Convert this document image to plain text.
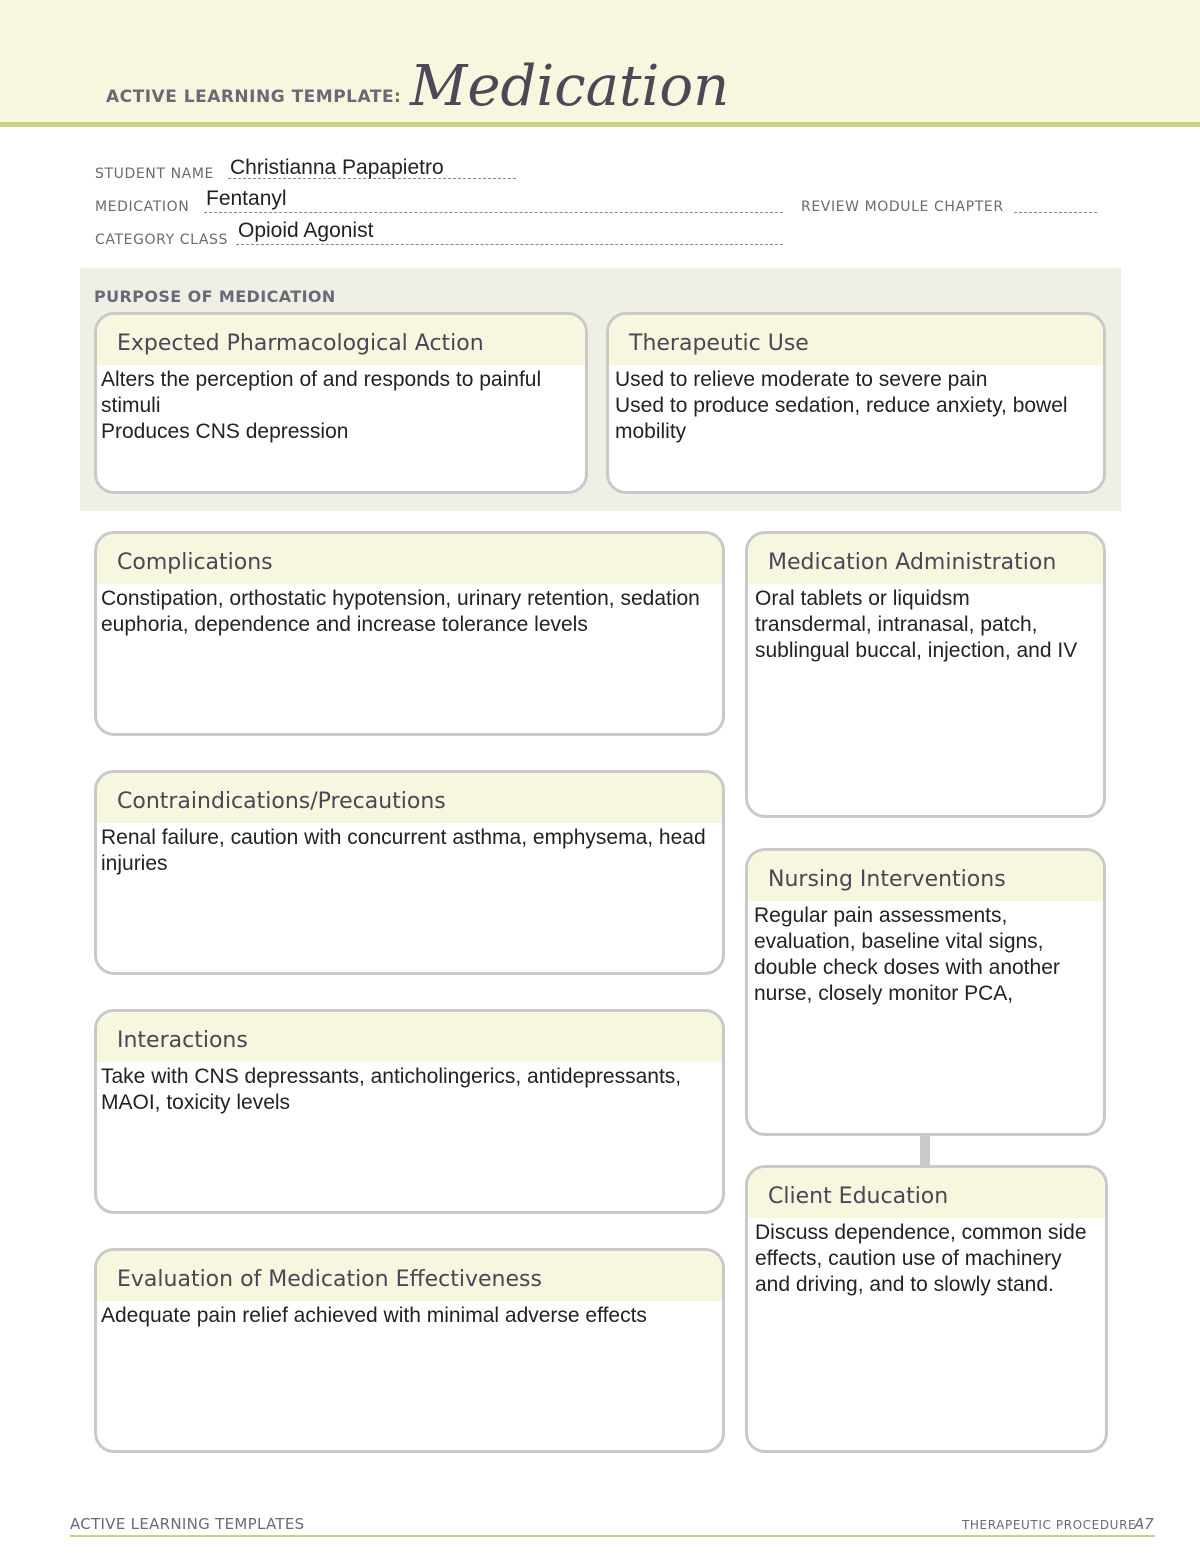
ACTIVE LEARNING TEMPLATE: Medication
STUDENT NAME Christianna Papapietro
MEDICATION Fentanyl	REVIEW MODULE CHAPTER
CATEGORY CLASS Opioid Agonist
PURPOSE OF MEDICATION
Expected Pharmacological Action
Alters the perception of and responds to painful stimuli
Produces CNS depression
Therapeutic Use
Used to relieve moderate to severe pain
Used to produce sedation, reduce anxiety, bowel mobility
Complications
Constipation, orthostatic hypotension, urinary retention, sedation euphoria, dependence and increase tolerance levels
Contraindications/Precautions
Renal failure, caution with concurrent asthma, emphysema, head injuries
Interactions
Take with CNS depressants, anticholingerics, antidepressants, MAOI, toxicity levels
Evaluation of Medication Effectiveness
Adequate pain relief achieved with minimal adverse effects
Medication Administration
Oral tablets or liquidsm transdermal, intranasal, patch, sublingual buccal, injection, and IV
Nursing Interventions
Regular pain assessments, evaluation, baseline vital signs, double check doses with another nurse, closely monitor PCA,
Client Education
Discuss dependence, common side effects, caution use of machinery and driving, and to slowly stand.
ACTIVE LEARNING TEMPLATES	THERAPEUTIC PROCEDURE
A7
